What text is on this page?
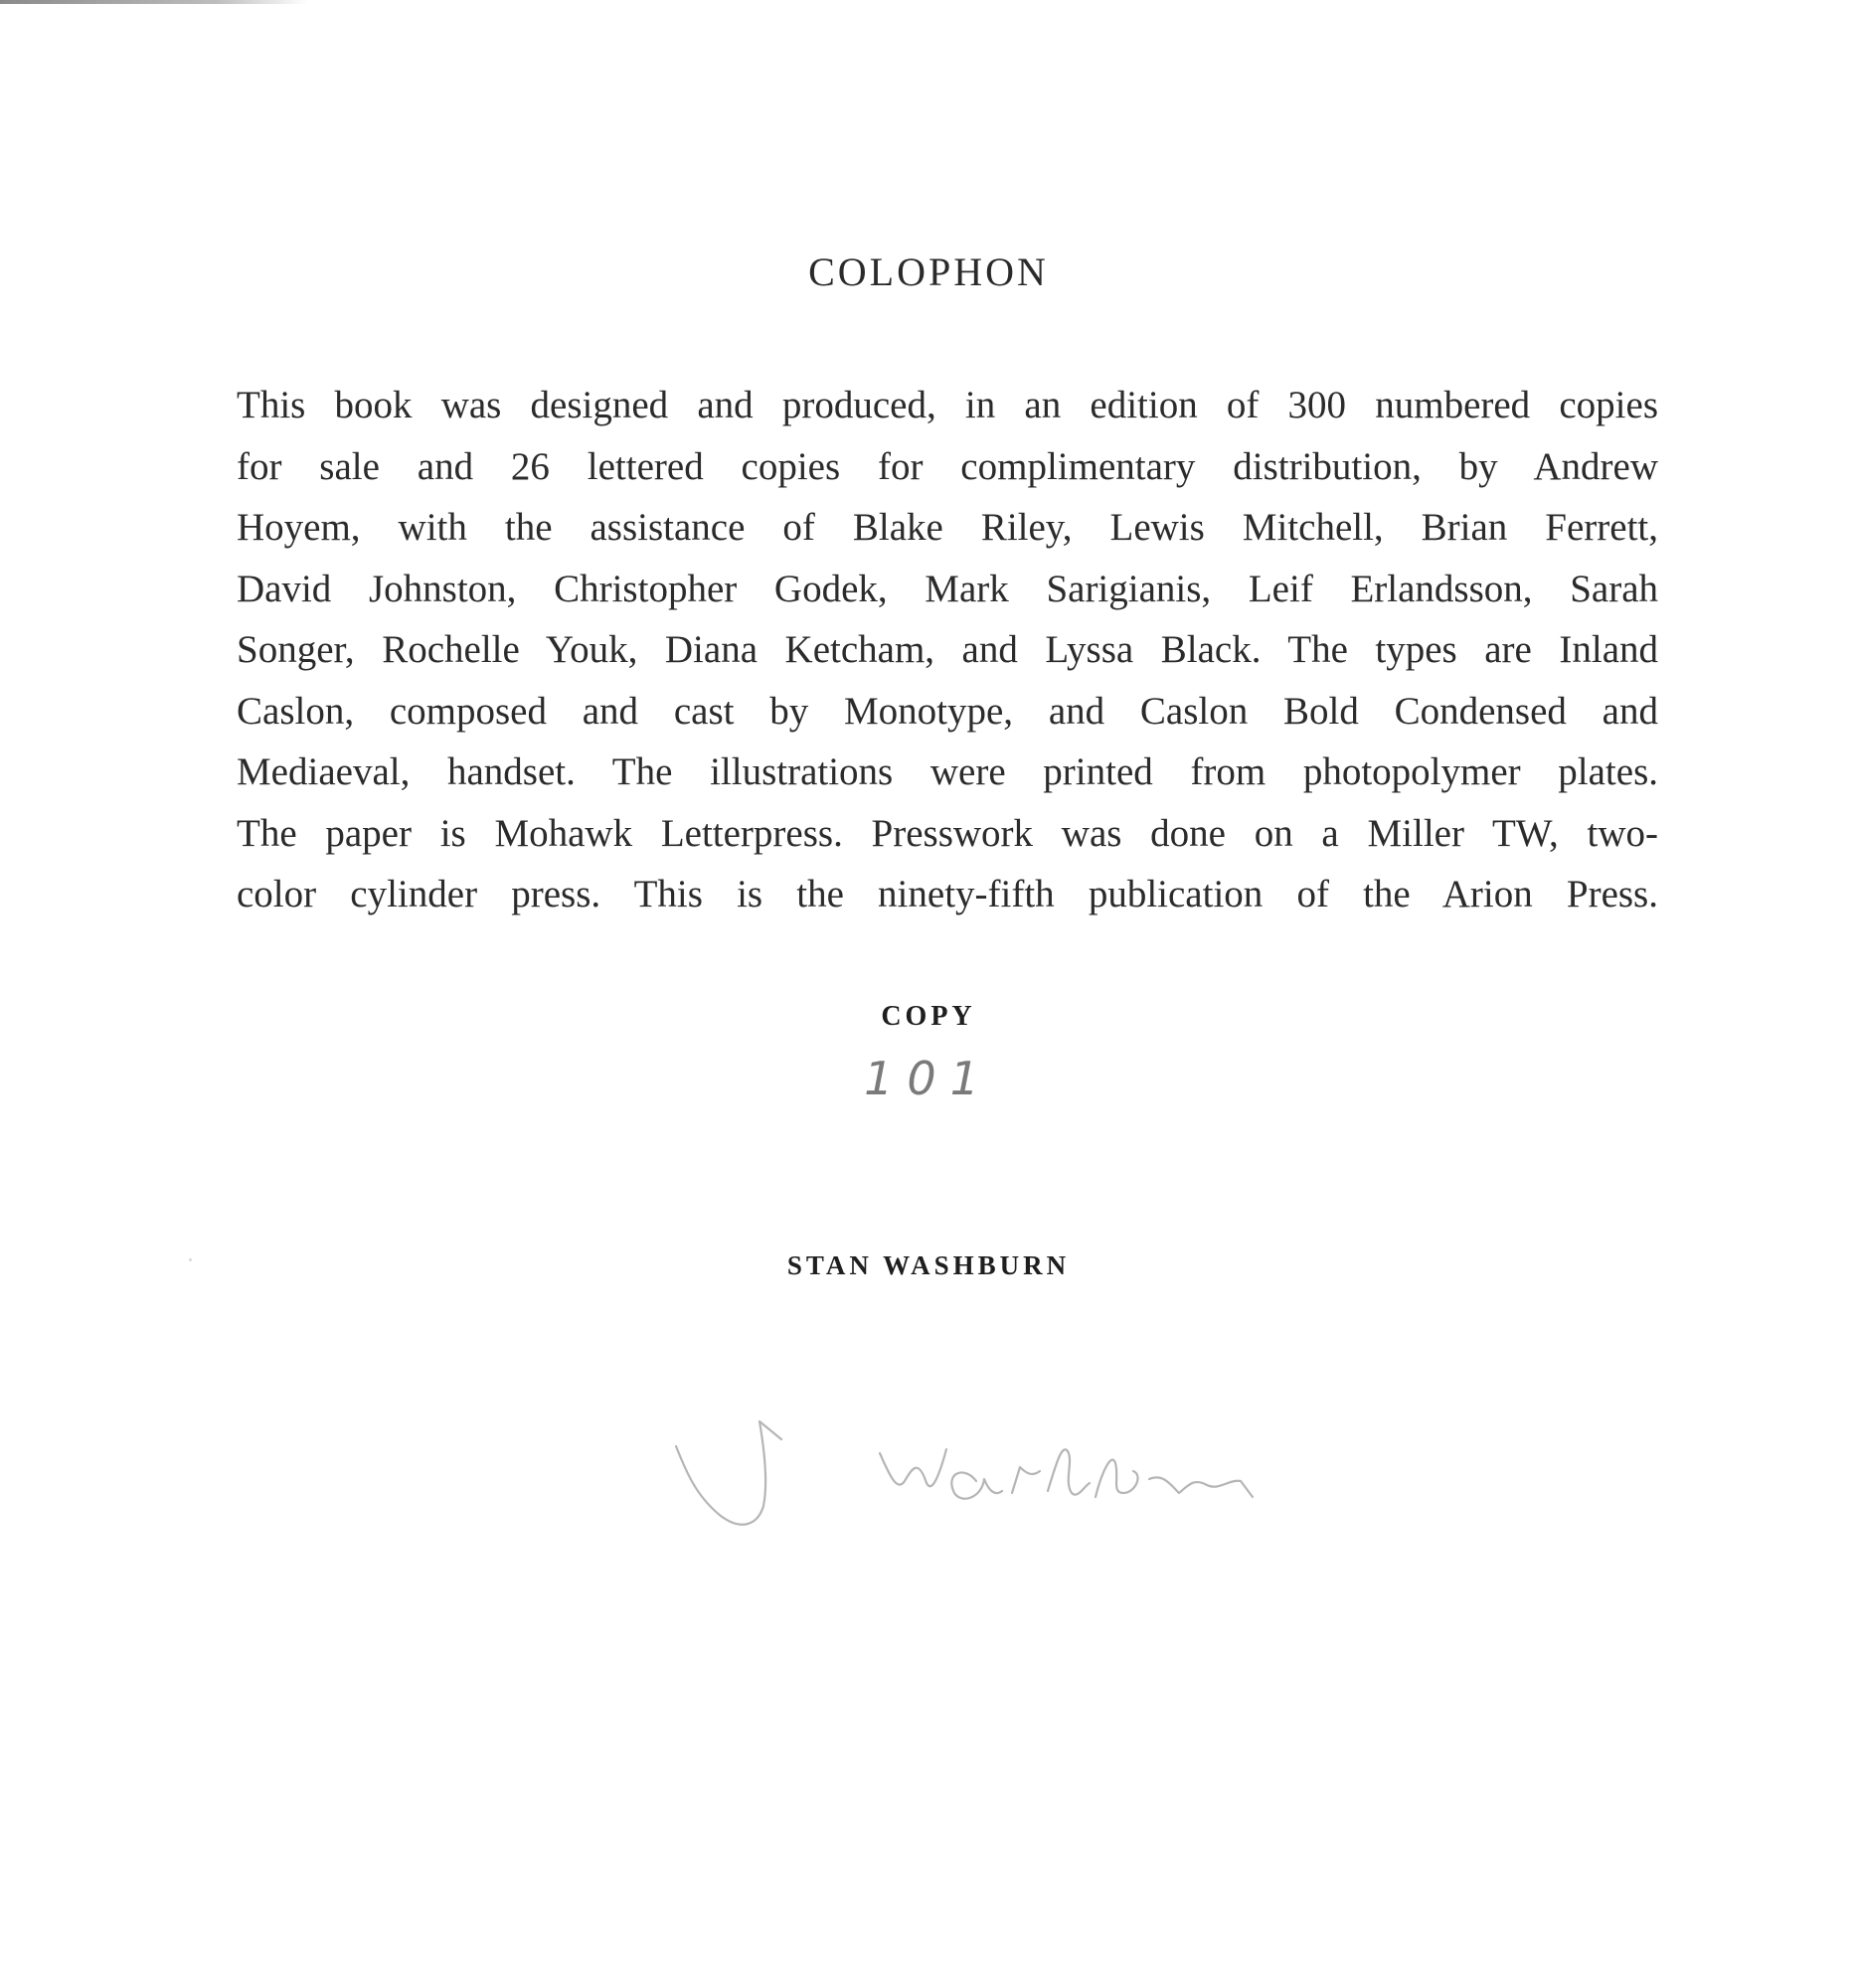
COLOPHON
This book was designed and produced, in an edition of 300 numbered copies
for sale and 26 lettered copies for complimentary distribution, by Andrew
Hoyem, with the assistance of Blake Riley, Lewis Mitchell, Brian Ferrett,
David Johnston, Christopher Godek, Mark Sarigianis, Leif Erlandsson, Sarah
Songer, Rochelle Youk, Diana Ketcham, and Lyssa Black. The types are Inland
Caslon, composed and cast by Monotype, and Caslon Bold Condensed and
Mediaeval, handset. The illustrations were printed from photopolymer plates.
The paper is Mohawk Letterpress. Presswork was done on a Miller TW, two-
color cylinder press. This is the ninety-fifth publication of the Arion Press.
COPY
101
STAN WASHBURN
